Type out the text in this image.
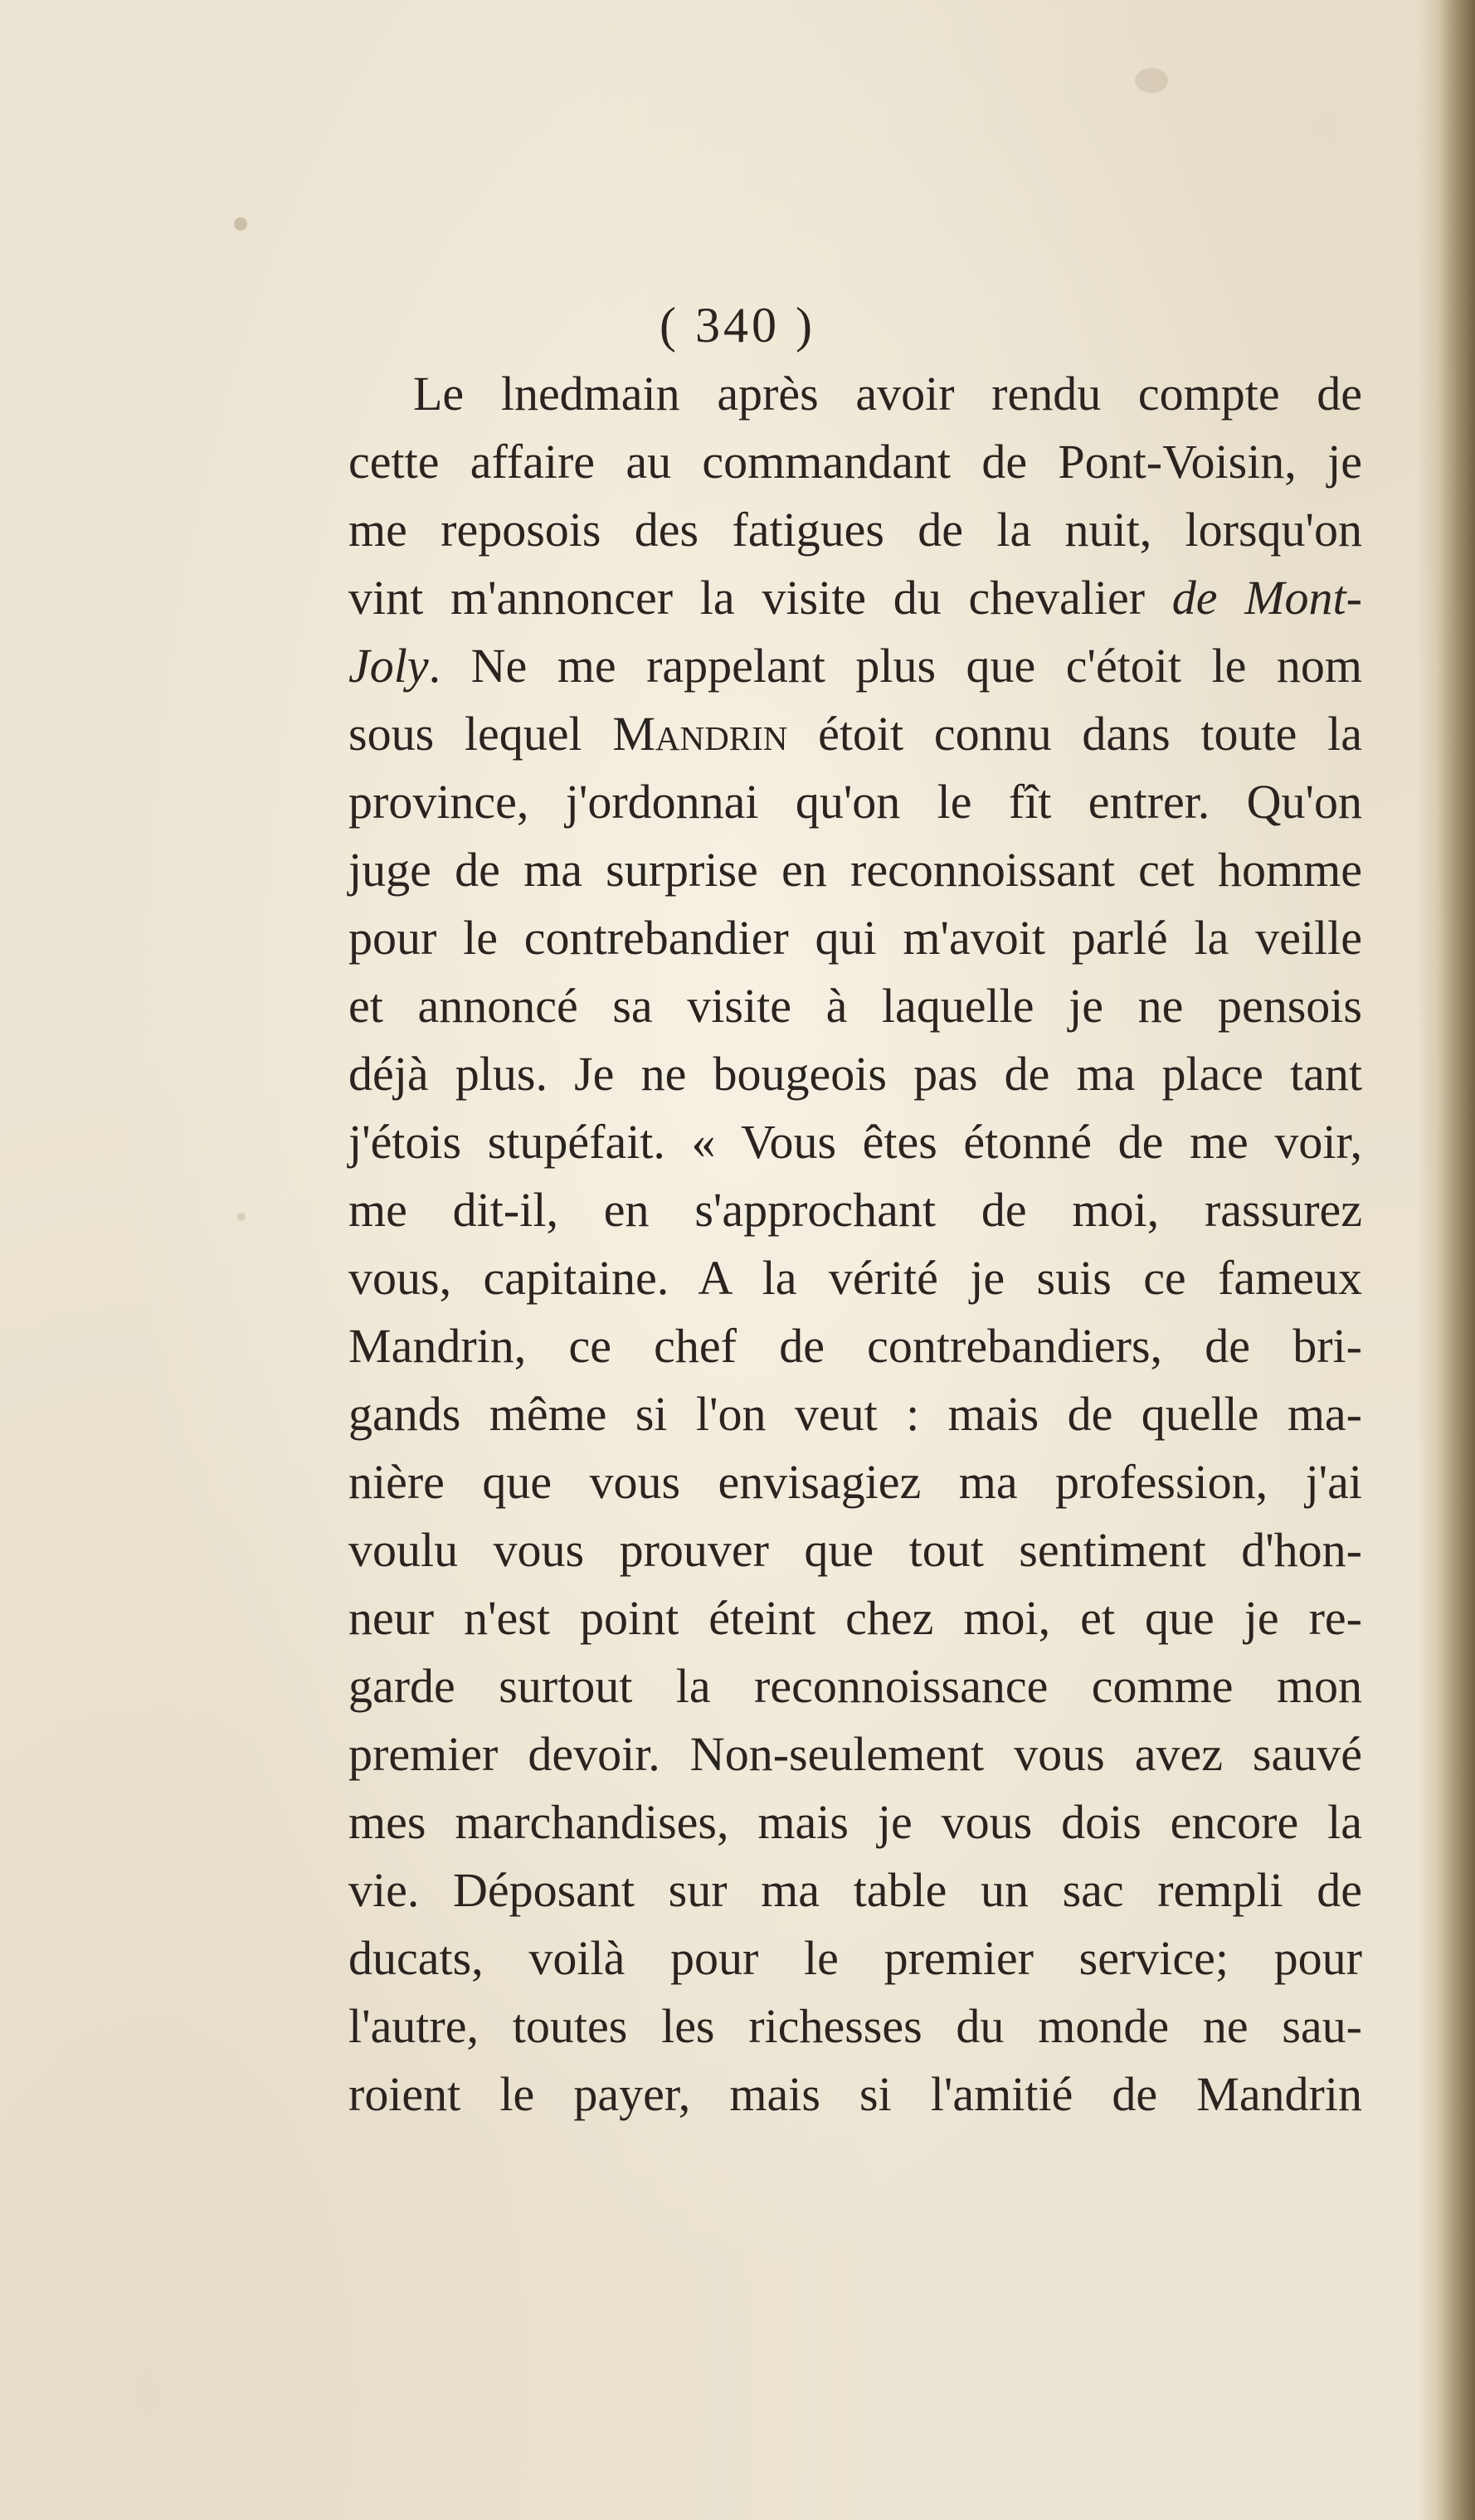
( 340 )
Le lnedmain après avoir rendu compte de
cette affaire au commandant de Pont-Voisin, je
me reposois des fatigues de la nuit, lorsqu'on
vint m'annoncer la visite du chevalier de Mont-
Joly. Ne me rappelant plus que c'étoit le nom
sous lequel Mandrin étoit connu dans toute la
province, j'ordonnai qu'on le fît entrer. Qu'on
juge de ma surprise en reconnoissant cet homme
pour le contrebandier qui m'avoit parlé la veille
et annoncé sa visite à laquelle je ne pensois
déjà plus. Je ne bougeois pas de ma place tant
j'étois stupéfait. « Vous êtes étonné de me voir,
me dit-il, en s'approchant de moi, rassurez
vous, capitaine. A la vérité je suis ce fameux
Mandrin, ce chef de contrebandiers, de bri-
gands même si l'on veut : mais de quelle ma-
nière que vous envisagiez ma profession, j'ai
voulu vous prouver que tout sentiment d'hon-
neur n'est point éteint chez moi, et que je re-
garde surtout la reconnoissance comme mon
premier devoir. Non-seulement vous avez sauvé
mes marchandises, mais je vous dois encore la
vie. Déposant sur ma table un sac rempli de
ducats, voilà pour le premier service; pour
l'autre, toutes les richesses du monde ne sau-
roient le payer, mais si l'amitié de Mandrin
